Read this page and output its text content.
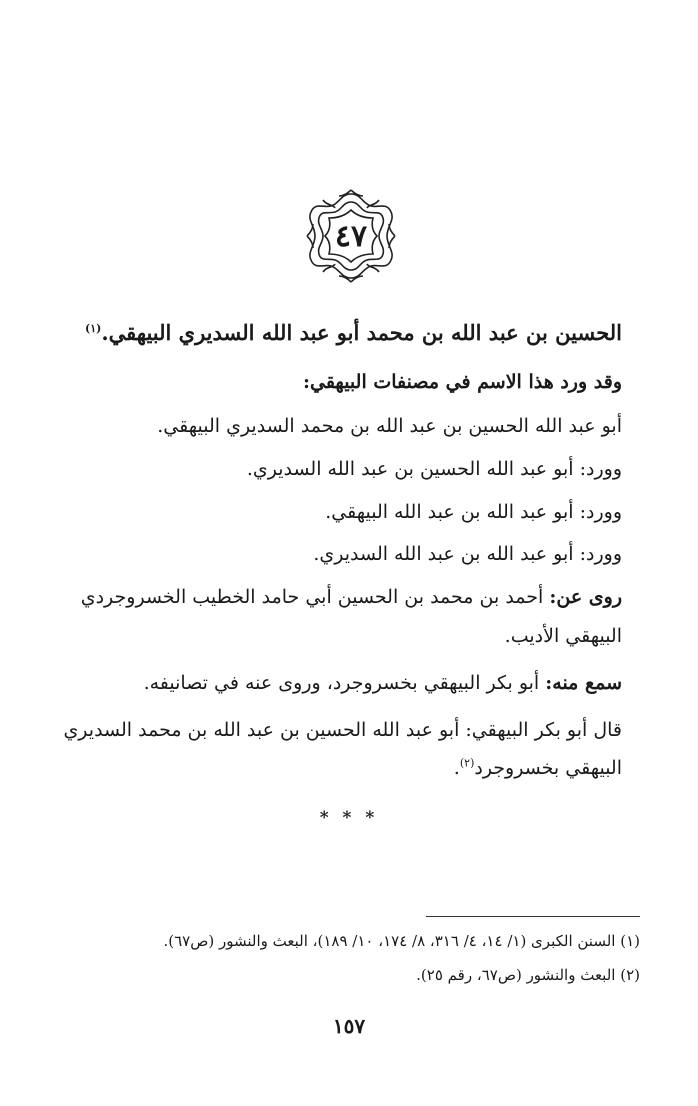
٤٧
الحسين بن عبد الله بن محمد أبو عبد الله السديري البيهقي.$^{(١)}$
وقد ورد هذا الاسم في مصنفات البيهقي:
أبو عبد الله الحسين بن عبد الله بن محمد السديري البيهقي.
وورد: أبو عبد الله الحسين بن عبد الله السديري.
وورد: أبو عبد الله بن عبد الله البيهقي.
وورد: أبو عبد الله بن عبد الله السديري.
روى عن: أحمد بن محمد بن الحسين أبي حامد الخطيب الخسروجردي
البيهقي الأديب.
سمع منه: أبو بكر البيهقي بخسروجرد، وروى عنه في تصانيفه.
قال أبو بكر البيهقي: أبو عبد الله الحسين بن عبد الله بن محمد السديري
البيهقي بخسروجرد$^{(٢)}$.
* * *
(١) السنن الكبرى (١/ ١٤، ٤/ ٣١٦، ٨/ ١٧٤، ١٠/ ١٨٩)، البعث والنشور (ص٦٧).
(٢) البعث والنشور (ص٦٧، رقم ٢٥).
١٥٧
